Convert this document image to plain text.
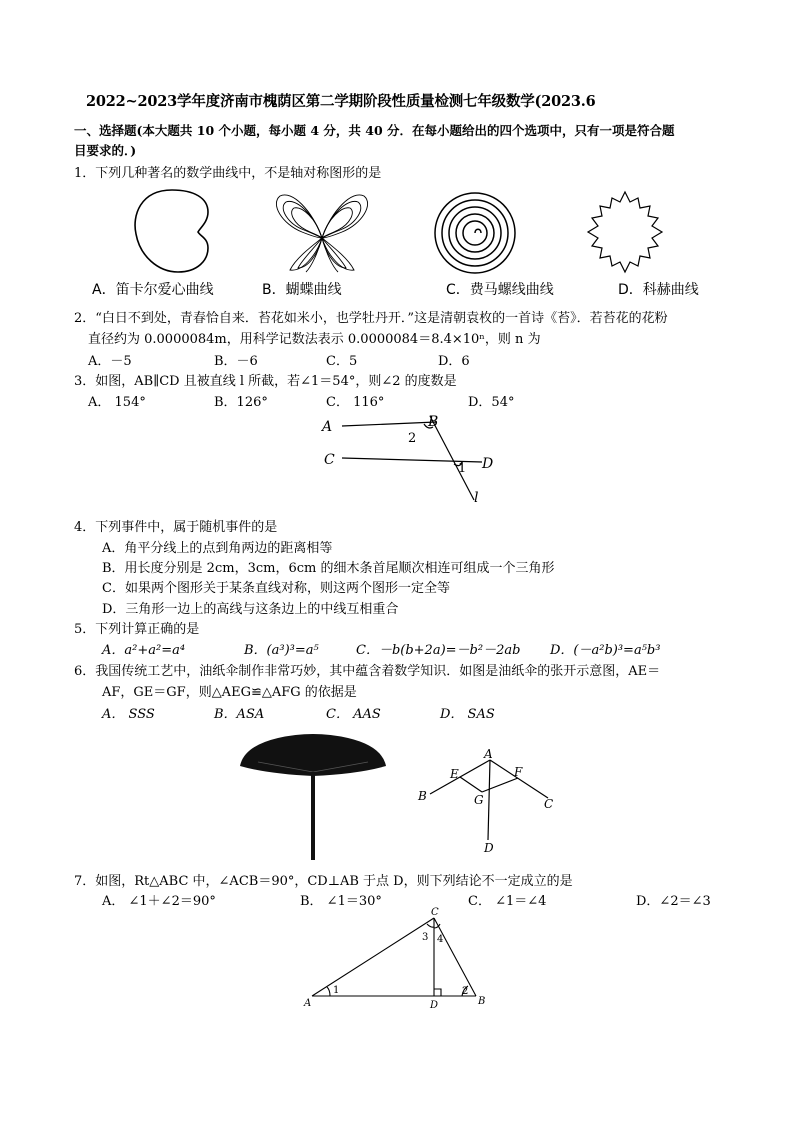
2022~2023学年度济南市槐荫区第二学期阶段性质量检测七年级数学(2023.6
一、选择题(本大题共 10 个小题，每小题 4 分，共 40 分．在每小题给出的四个选项中，只有一项是符合题
目要求的．)
1．下列几种著名的数学曲线中，不是轴对称图形的是
A．笛卡尔爱心曲线	B．蝴蝶曲线	C．费马螺线曲线	D．科赫曲线
2．“白日不到处，青春恰自来．苔花如米小，也学牡丹开．”这是清朝袁枚的一首诗《苔》．若苔花的花粉
直径约为 0.0000084m，用科学记数法表示 0.0000084＝8.4×10ⁿ，则 n 为
A．－5	B．－6	C．5	D．6
3．如图，AB∥CD 且被直线 l 所截，若∠1＝54°，则∠2 的度数是
A． 154°	B．126°	C． 116°	D．54°
A	B
2
C
1 D
l
4．下列事件中，属于随机事件的是
A．角平分线上的点到角两边的距离相等
B．用长度分别是 2cm，3cm，6cm 的细木条首尾顺次相连可组成一个三角形
C．如果两个图形关于某条直线对称，则这两个图形一定全等
D．三角形一边上的高线与这条边上的中线互相重合
5．下列计算正确的是
A．a²+a²=a⁴	B．(a³)³=a⁵	C．－b(b+2a)=－b²－2ab D．(－a²b)³=a⁵b³
6．我国传统工艺中，油纸伞制作非常巧妙，其中蕴含着数学知识．如图是油纸伞的张开示意图，AE＝
AF，GE＝GF，则△AEG≌△AFG 的依据是
A． SSS	B．ASA	C． AAS	D． SAS
A
E	F
B	G	C
D
7．如图，Rt△ABC 中，∠ACB＝90°，CD⊥AB 于点 D，则下列结论不一定成立的是
A． ∠1＋∠2＝90°	B． ∠1＝30°	C． ∠1＝∠4	D．∠2＝∠3
A
1
C
3 4
D
2
B
